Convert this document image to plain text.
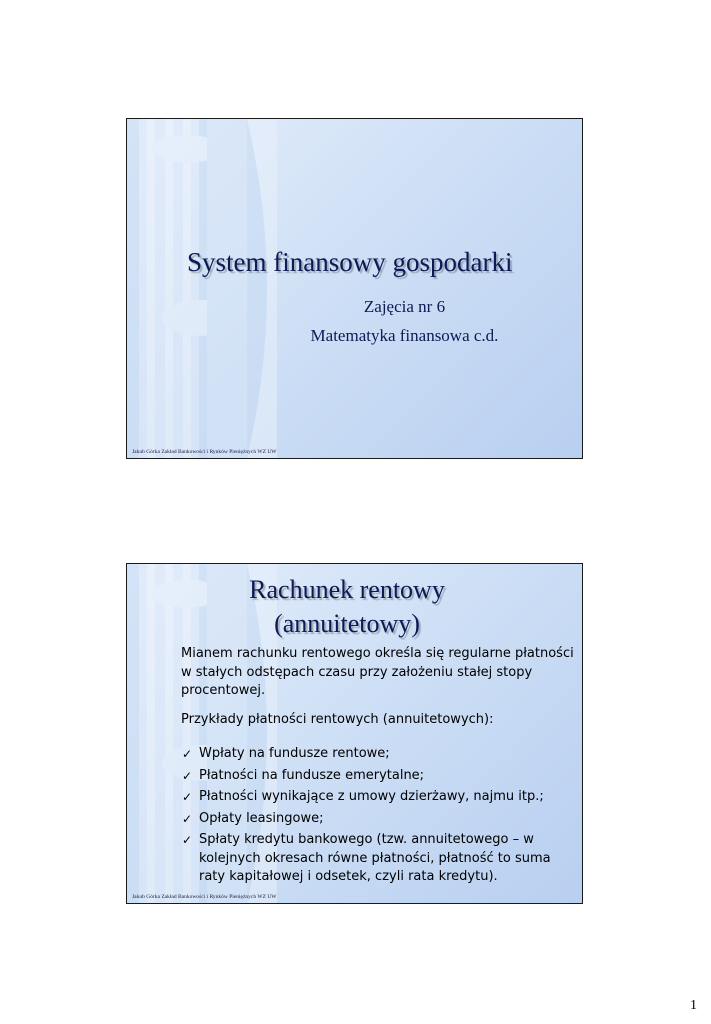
System finansowy gospodarki
Zajęcia nr 6
Matematyka finansowa c.d.
Jakub Górka Zakład Bankowości i Rynków Pieniężnych WZ UW
Rachunek rentowy
(annuitetowy)
Mianem rachunku rentowego określa się regularne płatności w stałych odstępach czasu przy założeniu stałej stopy procentowej.
Przykłady płatności rentowych (annuitetowych):
✓ Wpłaty na fundusze rentowe;
✓ Płatności na fundusze emerytalne;
✓ Płatności wynikające z umowy dzierżawy, najmu itp.;
✓ Opłaty leasingowe;
✓ Spłaty kredytu bankowego (tzw. annuitetowego – w kolejnych okresach równe płatności, płatność to suma raty kapitałowej i odsetek, czyli rata kredytu).
Jakub Górka Zakład Bankowości i Rynków Pieniężnych WZ UW
1
